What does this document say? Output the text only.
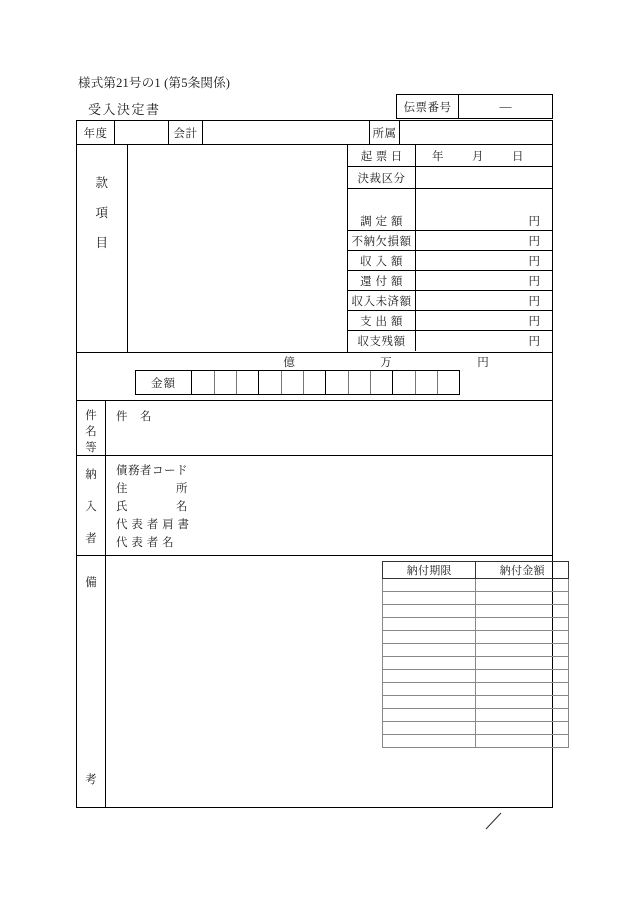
様式第21号の1 (第5条関係)
受入決定書	伝票番号	—
年度	会計	所属
款
項
目
起票日	年 月 日
決裁区分
調 定 額	円
不納欠損額	円
収 入 額	円
還 付 額	円
収入未済額	円
支 出 額	円
収支残額	円
億	万	円
金額
件
名
等
件　名
納
入
者
債務者コード
住　　　　所
氏　　　　名
代 表 者 肩 書
代 表 者 名
備
考
納付期限	納付金額
